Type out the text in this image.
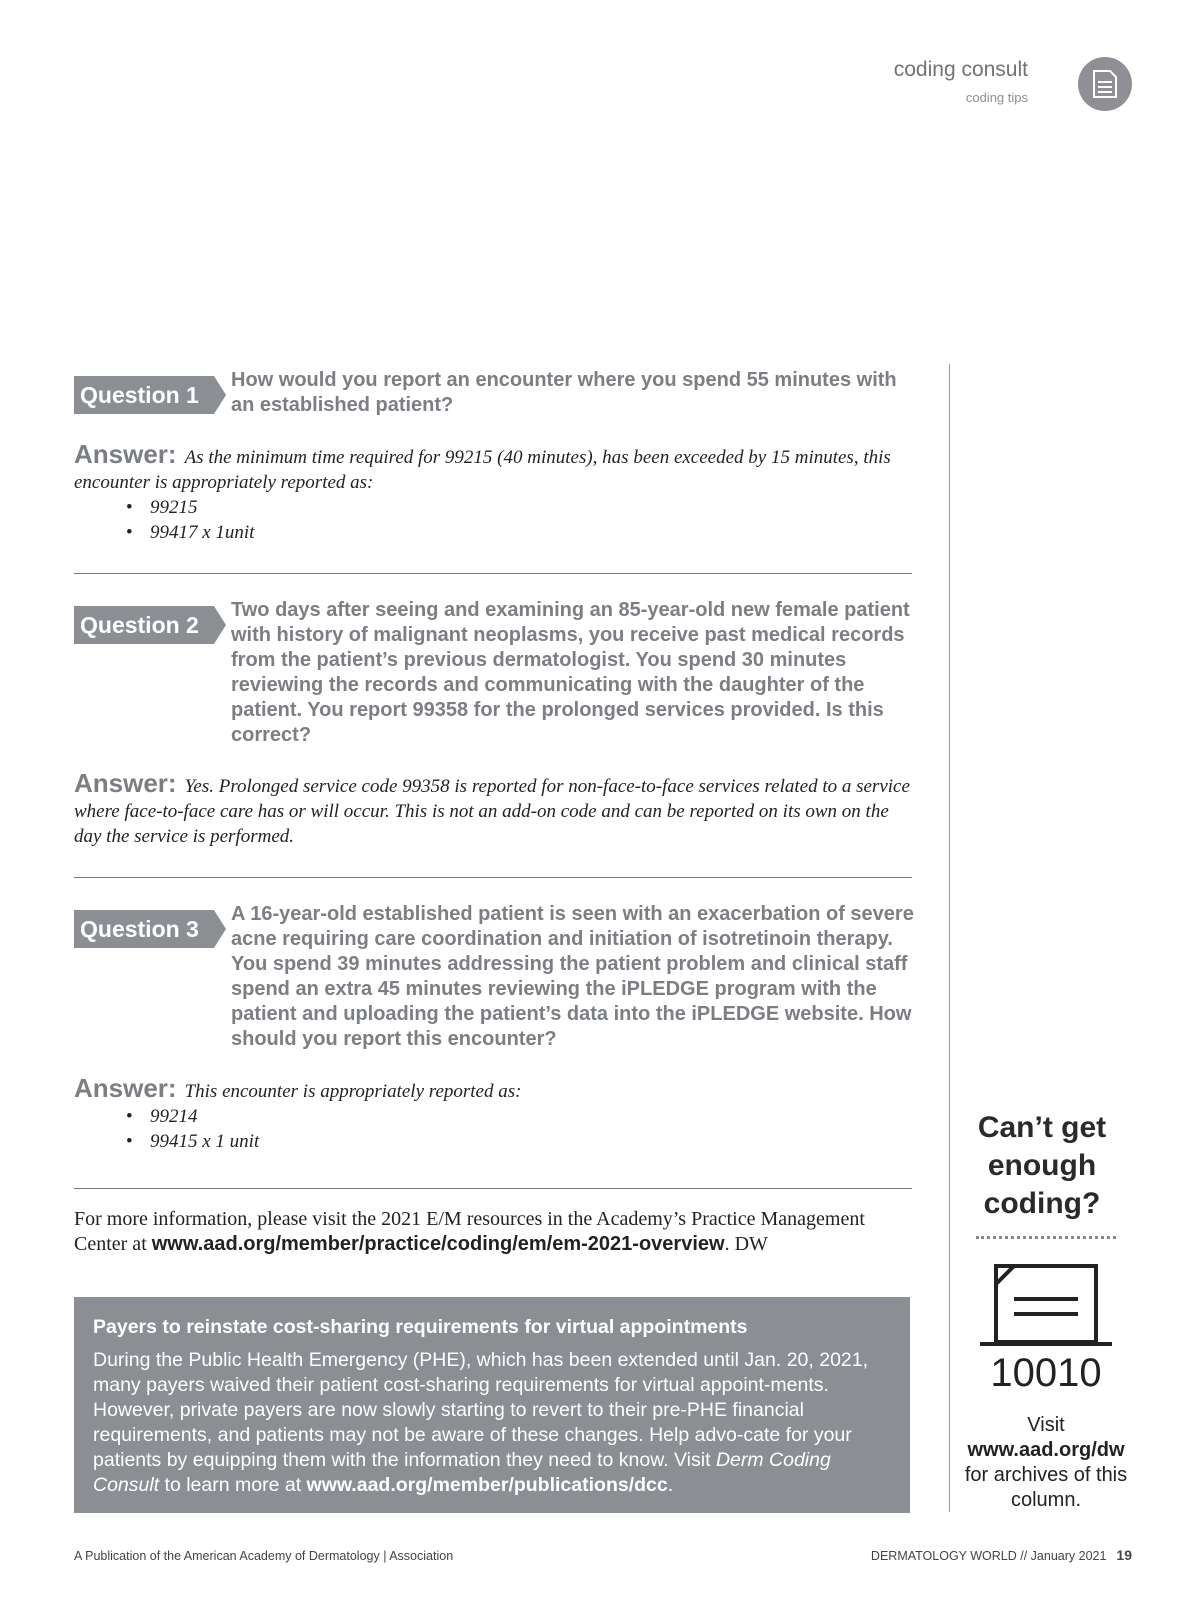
coding consult
coding tips
Question 1
How would you report an encounter where you spend 55 minutes with an established patient?
Answer: As the minimum time required for 99215 (40 minutes), has been exceeded by 15 minutes, this encounter is appropriately reported as:
• 99215
• 99417 x 1unit
Question 2
Two days after seeing and examining an 85-year-old new female patient with history of malignant neoplasms, you receive past medical records from the patient’s previous dermatologist. You spend 30 minutes reviewing the records and communicating with the daughter of the patient. You report 99358 for the prolonged services provided. Is this correct?
Answer: Yes. Prolonged service code 99358 is reported for non-face-to-face services related to a service where face-to-face care has or will occur. This is not an add-on code and can be reported on its own on the day the service is performed.
Question 3
A 16-year-old established patient is seen with an exacerbation of severe acne requiring care coordination and initiation of isotretinoin therapy. You spend 39 minutes addressing the patient problem and clinical staff spend an extra 45 minutes reviewing the iPLEDGE program with the patient and uploading the patient’s data into the iPLEDGE website. How should you report this encounter?
Answer: This encounter is appropriately reported as:
• 99214
• 99415 x 1 unit
For more information, please visit the 2021 E/M resources in the Academy’s Practice Management Center at www.aad.org/member/practice/coding/em/em-2021-overview. DW
Payers to reinstate cost-sharing requirements for virtual appointments
During the Public Health Emergency (PHE), which has been extended until Jan. 20, 2021, many payers waived their patient cost-sharing requirements for virtual appoint-ments. However, private payers are now slowly starting to revert to their pre-PHE financial requirements, and patients may not be aware of these changes. Help advo-cate for your patients by equipping them with the information they need to know. Visit Derm Coding Consult to learn more at www.aad.org/member/publications/dcc.
Can’t get enough coding?
10010
Visit www.aad.org/dw for archives of this column.
A Publication of the American Academy of Dermatology | Association	DERMATOLOGY WORLD // January 2021 19
